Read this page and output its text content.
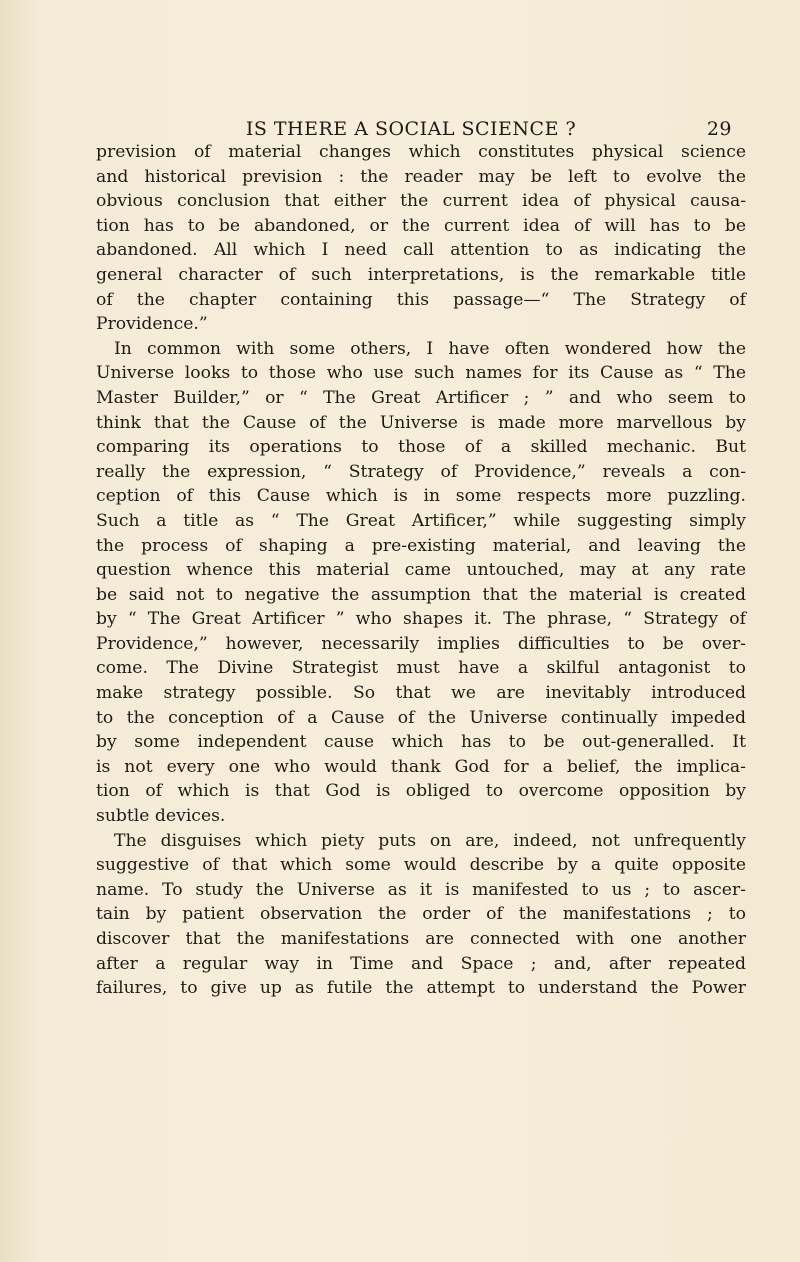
IS THERE A SOCIAL SCIENCE ?	29
prevision of material changes which constitutes physical science
and historical prevision : the reader may be left to evolve the
obvious conclusion that either the current idea of physical causa-
tion has to be abandoned, or the current idea of will has to be
abandoned. All which I need call attention to as indicating the
general character of such interpretations, is the remarkable title
of the chapter containing this passage—“ The Strategy of
Providence.”
In common with some others, I have often wondered how the
Universe looks to those who use such names for its Cause as “ The
Master Builder,” or “ The Great Artificer ; ” and who seem to
think that the Cause of the Universe is made more marvellous by
comparing its operations to those of a skilled mechanic. But
really the expression, “ Strategy of Providence,” reveals a con-
ception of this Cause which is in some respects more puzzling.
Such a title as “ The Great Artificer,” while suggesting simply
the process of shaping a pre-existing material, and leaving the
question whence this material came untouched, may at any rate
be said not to negative the assumption that the material is created
by “ The Great Artificer ” who shapes it. The phrase, “ Strategy of
Providence,” however, necessarily implies difficulties to be over-
come. The Divine Strategist must have a skilful antagonist to
make strategy possible. So that we are inevitably introduced
to the conception of a Cause of the Universe continually impeded
by some independent cause which has to be out-generalled. It
is not every one who would thank God for a belief, the implica-
tion of which is that God is obliged to overcome opposition by
subtle devices.
The disguises which piety puts on are, indeed, not unfrequently
suggestive of that which some would describe by a quite opposite
name. To study the Universe as it is manifested to us ; to ascer-
tain by patient observation the order of the manifestations ; to
discover that the manifestations are connected with one another
after a regular way in Time and Space ; and, after repeated
failures, to give up as futile the attempt to understand the Power
